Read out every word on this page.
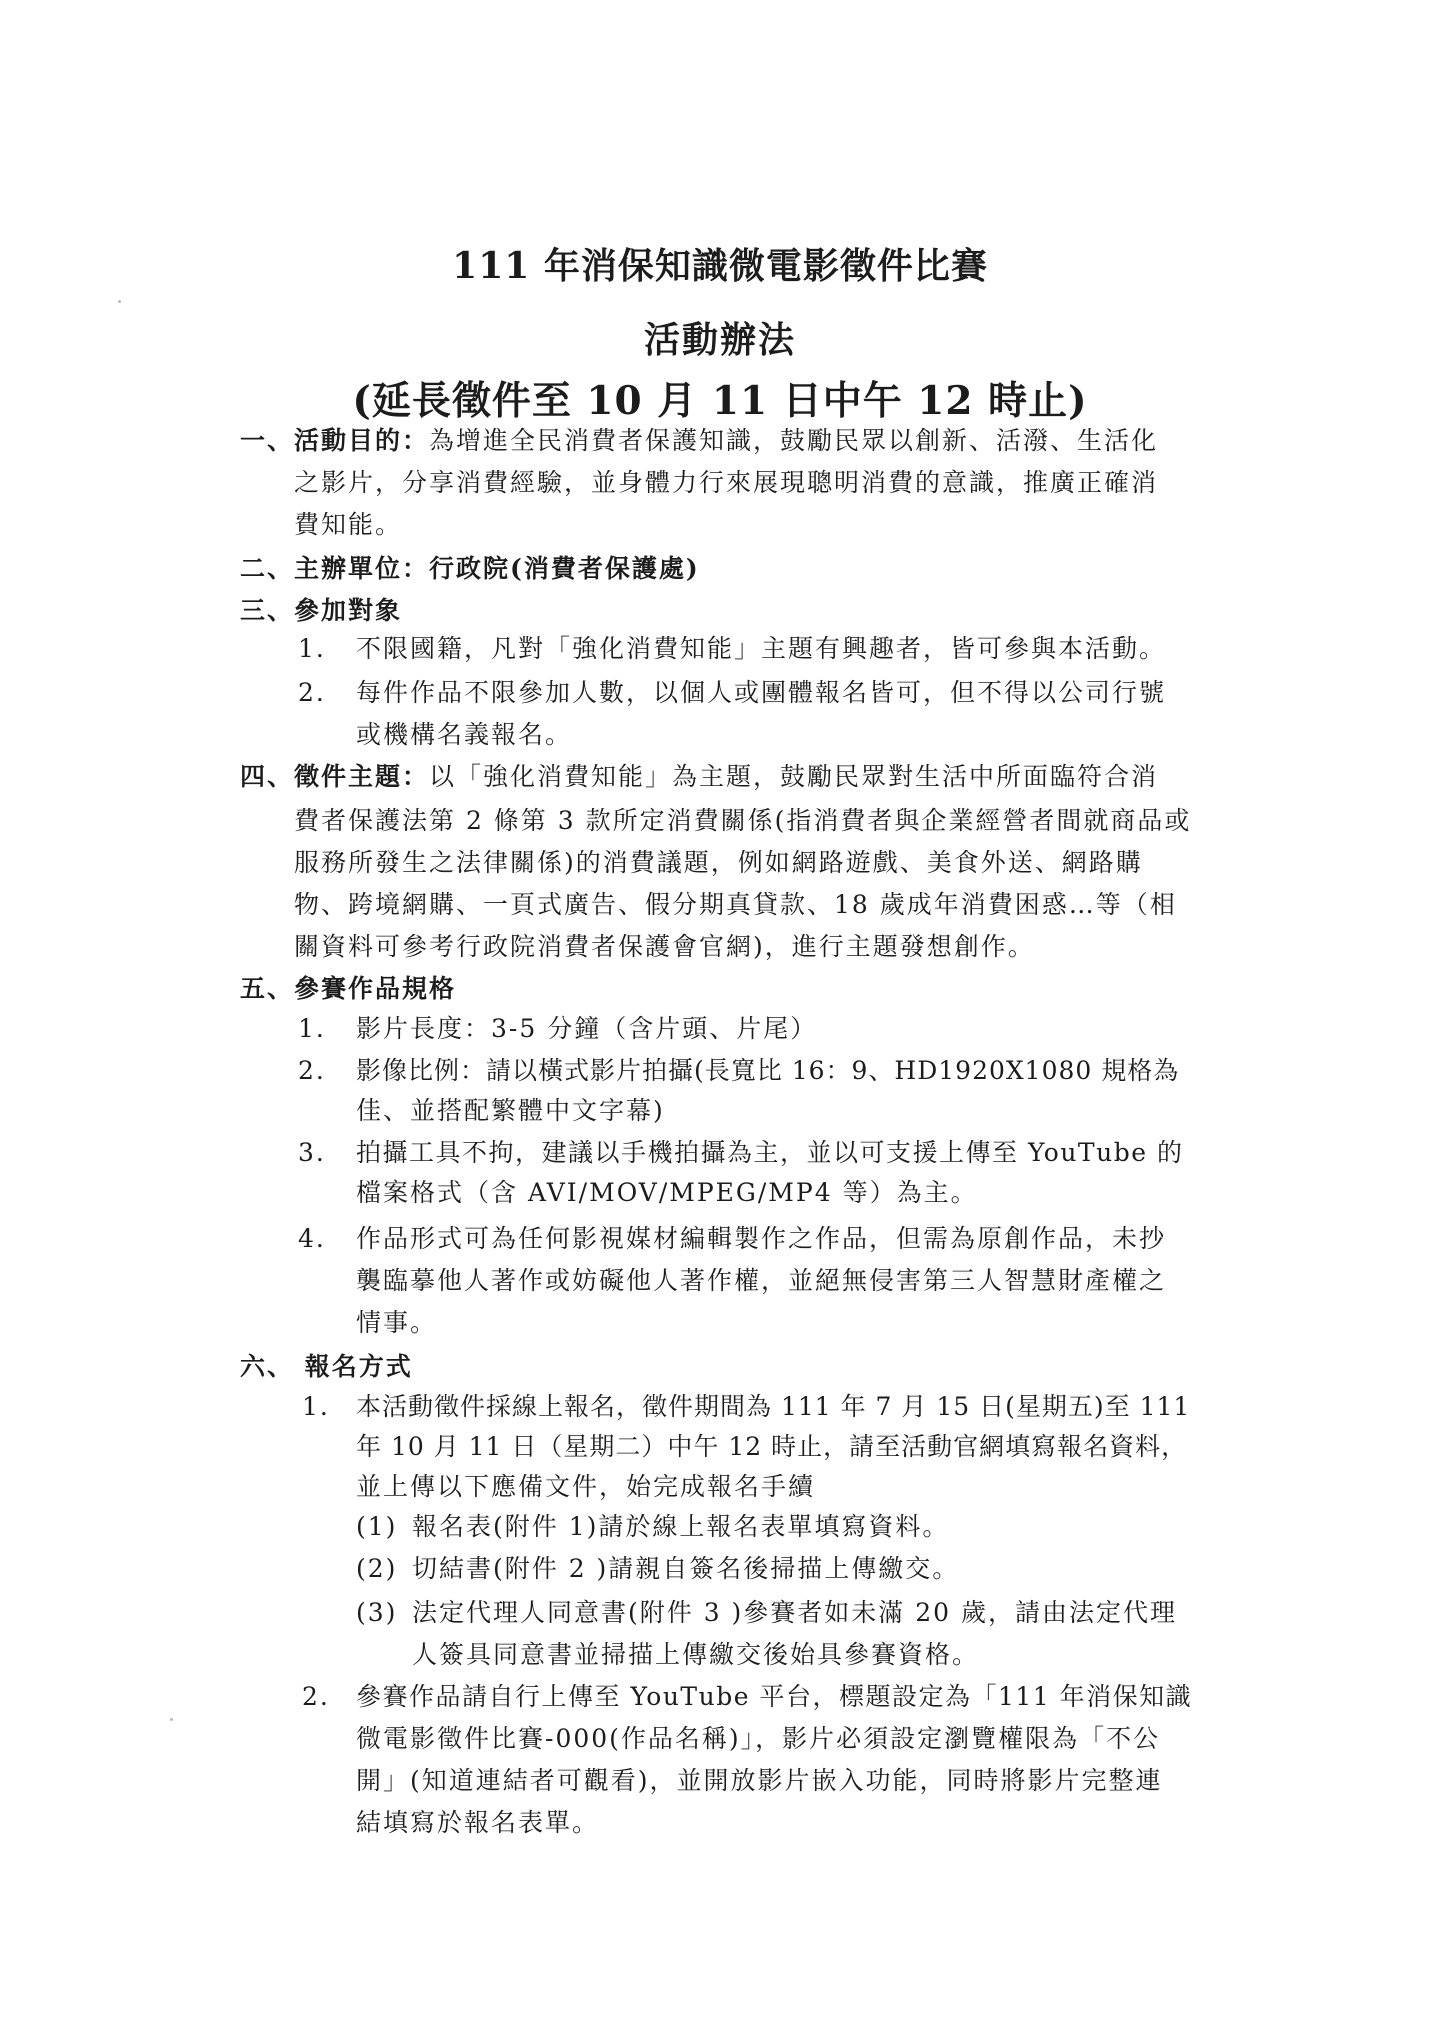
111 年消保知識微電影徵件比賽
活動辦法
(延長徵件至 10 月 11 日中午 12 時止)
一、活動目的：為增進全民消費者保護知識，鼓勵民眾以創新、活潑、生活化
之影片，分享消費經驗，並身體力行來展現聰明消費的意識，推廣正確消
費知能。
二、主辦單位：行政院(消費者保護處)
三、參加對象
1. 不限國籍，凡對「強化消費知能」主題有興趣者，皆可參與本活動。
2. 每件作品不限參加人數，以個人或團體報名皆可，但不得以公司行號
或機構名義報名。
四、徵件主題：以「強化消費知能」為主題，鼓勵民眾對生活中所面臨符合消
費者保護法第 2 條第 3 款所定消費關係(指消費者與企業經營者間就商品或
服務所發生之法律關係)的消費議題，例如網路遊戲、美食外送、網路購
物、跨境網購、一頁式廣告、假分期真貸款、18 歲成年消費困惑…等（相
關資料可參考行政院消費者保護會官網)，進行主題發想創作。
五、參賽作品規格
1. 影片長度：3-5 分鐘（含片頭、片尾）
2. 影像比例：請以橫式影片拍攝(長寬比 16：9、HD1920X1080 規格為
佳、並搭配繁體中文字幕)
3. 拍攝工具不拘，建議以手機拍攝為主，並以可支援上傳至 YouTube 的
檔案格式（含 AVI/MOV/MPEG/MP4 等）為主。
4. 作品形式可為任何影視媒材編輯製作之作品，但需為原創作品，未抄
襲臨摹他人著作或妨礙他人著作權，並絕無侵害第三人智慧財產權之
情事。
六、 報名方式
1. 本活動徵件採線上報名，徵件期間為 111 年 7 月 15 日(星期五)至 111
年 10 月 11 日（星期二）中午 12 時止，請至活動官網填寫報名資料，
並上傳以下應備文件，始完成報名手續
(1) 報名表(附件 1)請於線上報名表單填寫資料。
(2) 切結書(附件 2 )請親自簽名後掃描上傳繳交。
(3) 法定代理人同意書(附件 3 )參賽者如未滿 20 歲，請由法定代理
人簽具同意書並掃描上傳繳交後始具參賽資格。
2. 參賽作品請自行上傳至 YouTube 平台，標題設定為「111 年消保知識
微電影徵件比賽-000(作品名稱)」，影片必須設定瀏覽權限為「不公
開」(知道連結者可觀看)，並開放影片嵌入功能，同時將影片完整連
結填寫於報名表單。
